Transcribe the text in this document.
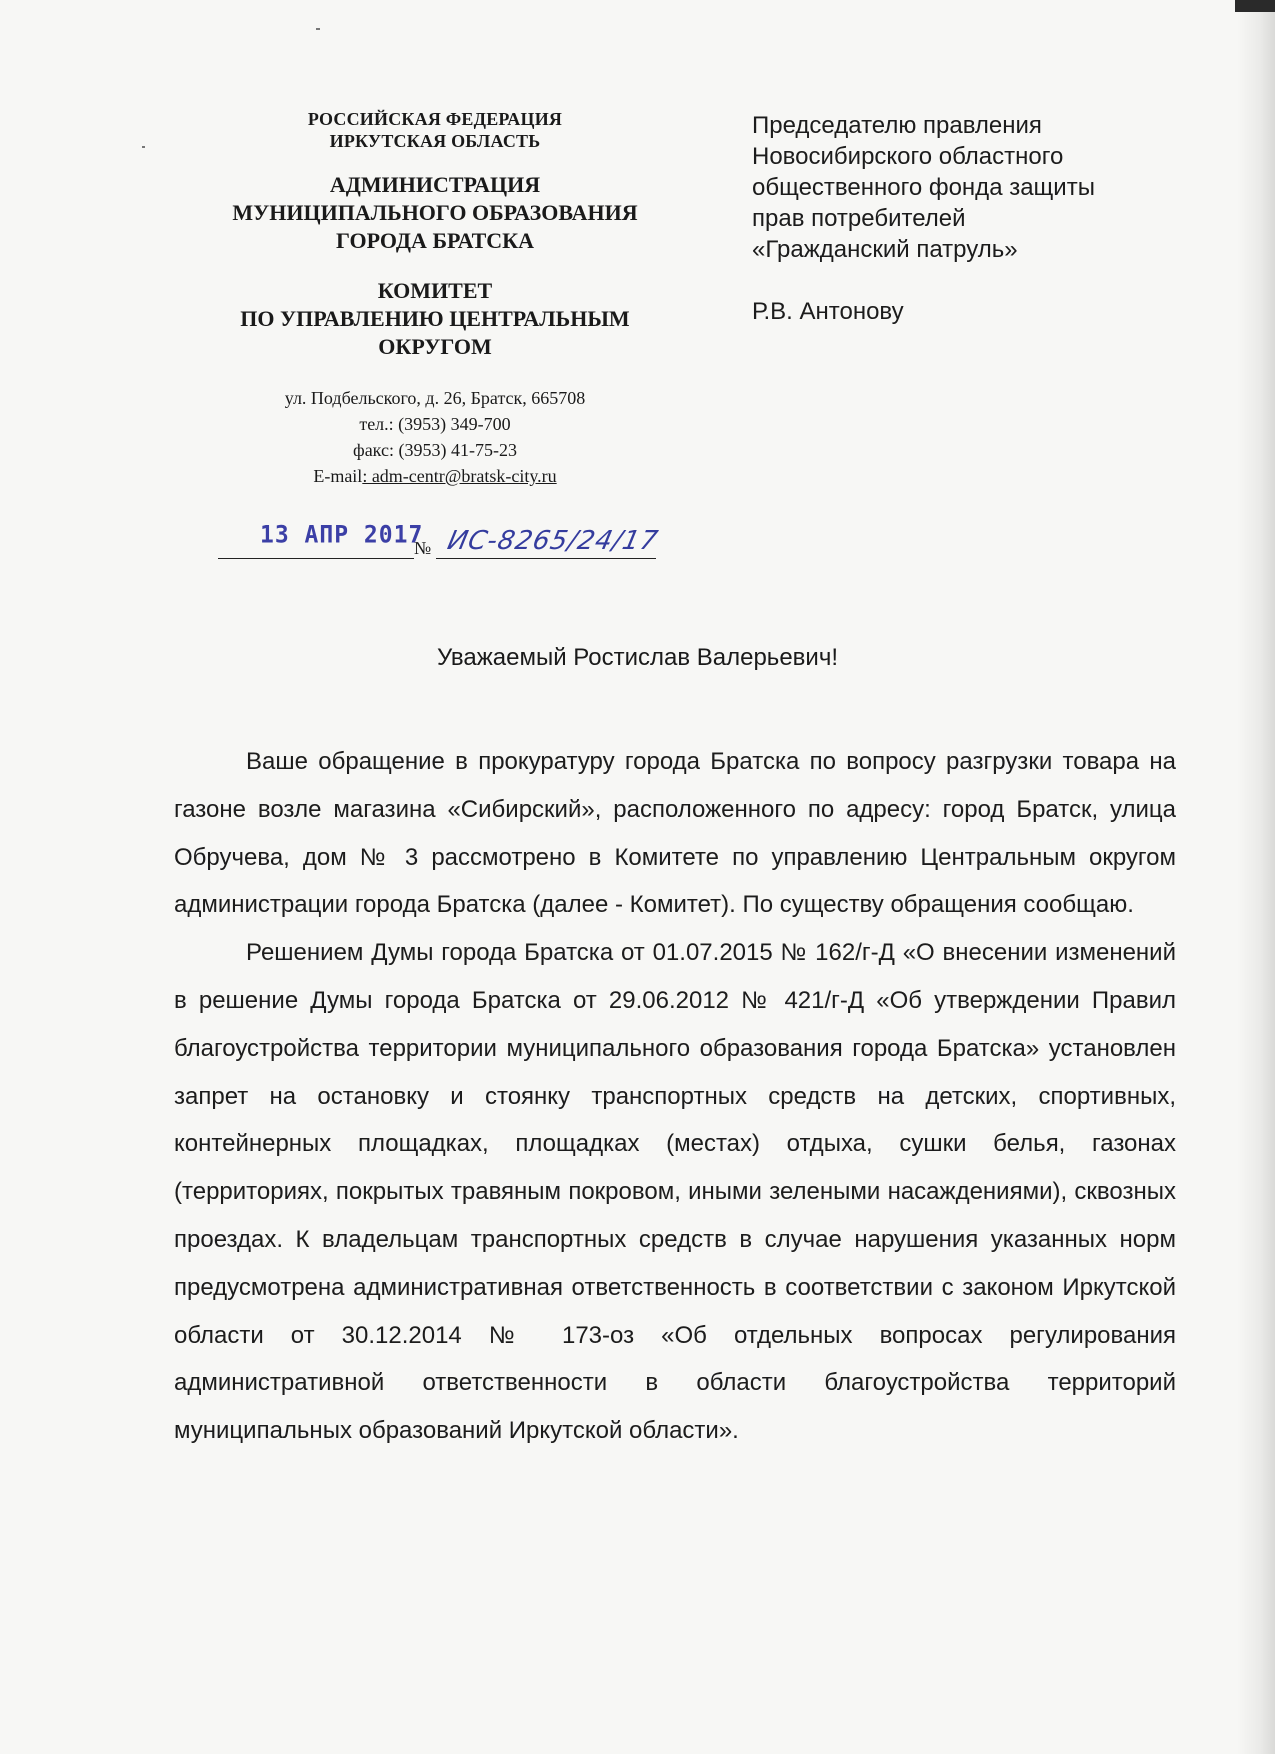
РОССИЙСКАЯ ФЕДЕРАЦИЯ
ИРКУТСКАЯ ОБЛАСТЬ
АДМИНИСТРАЦИЯ
МУНИЦИПАЛЬНОГО ОБРАЗОВАНИЯ
ГОРОДА БРАТСКА
КОМИТЕТ
ПО УПРАВЛЕНИЮ ЦЕНТРАЛЬНЫМ
ОКРУГОМ
ул. Подбельского, д. 26, Братск, 665708
тел.: (3953) 349-700
факс: (3953) 41-75-23
E-mail: adm-centr@bratsk-city.ru
13 АПР 2017
№ ИС-8265/24/17
Председателю правления
Новосибирского областного
общественного фонда защиты
прав потребителей
«Гражданский патруль»
Р.В. Антонову
Уважаемый Ростислав Валерьевич!

Ваше обращение в прокуратуру города Братска по вопросу разгрузки товара на газоне возле магазина «Сибирский», расположенного по адресу: город Братск, улица Обручева, дом № 3 рассмотрено в Комитете по управлению Центральным округом администрации города Братска (далее - Комитет). По существу обращения сообщаю.

Решением Думы города Братска от 01.07.2015 № 162/г-Д «О внесении изменений в решение Думы города Братска от 29.06.2012 № 421/г-Д «Об утверждении Правил благоустройства территории муниципального образования города Братска» установлен запрет на остановку и стоянку транспортных средств на детских, спортивных, контейнерных площадках, площадках (местах) отдыха, сушки белья, газонах (территориях, покрытых травяным покровом, иными зелеными насаждениями), сквозных проездах. К владельцам транспортных средств в случае нарушения указанных норм предусмотрена административная ответственность в соответствии с законом Иркутской области от 30.12.2014 № 173-оз «Об отдельных вопросах регулирования административной ответственности в области благоустройства территорий муниципальных образований Иркутской области».
